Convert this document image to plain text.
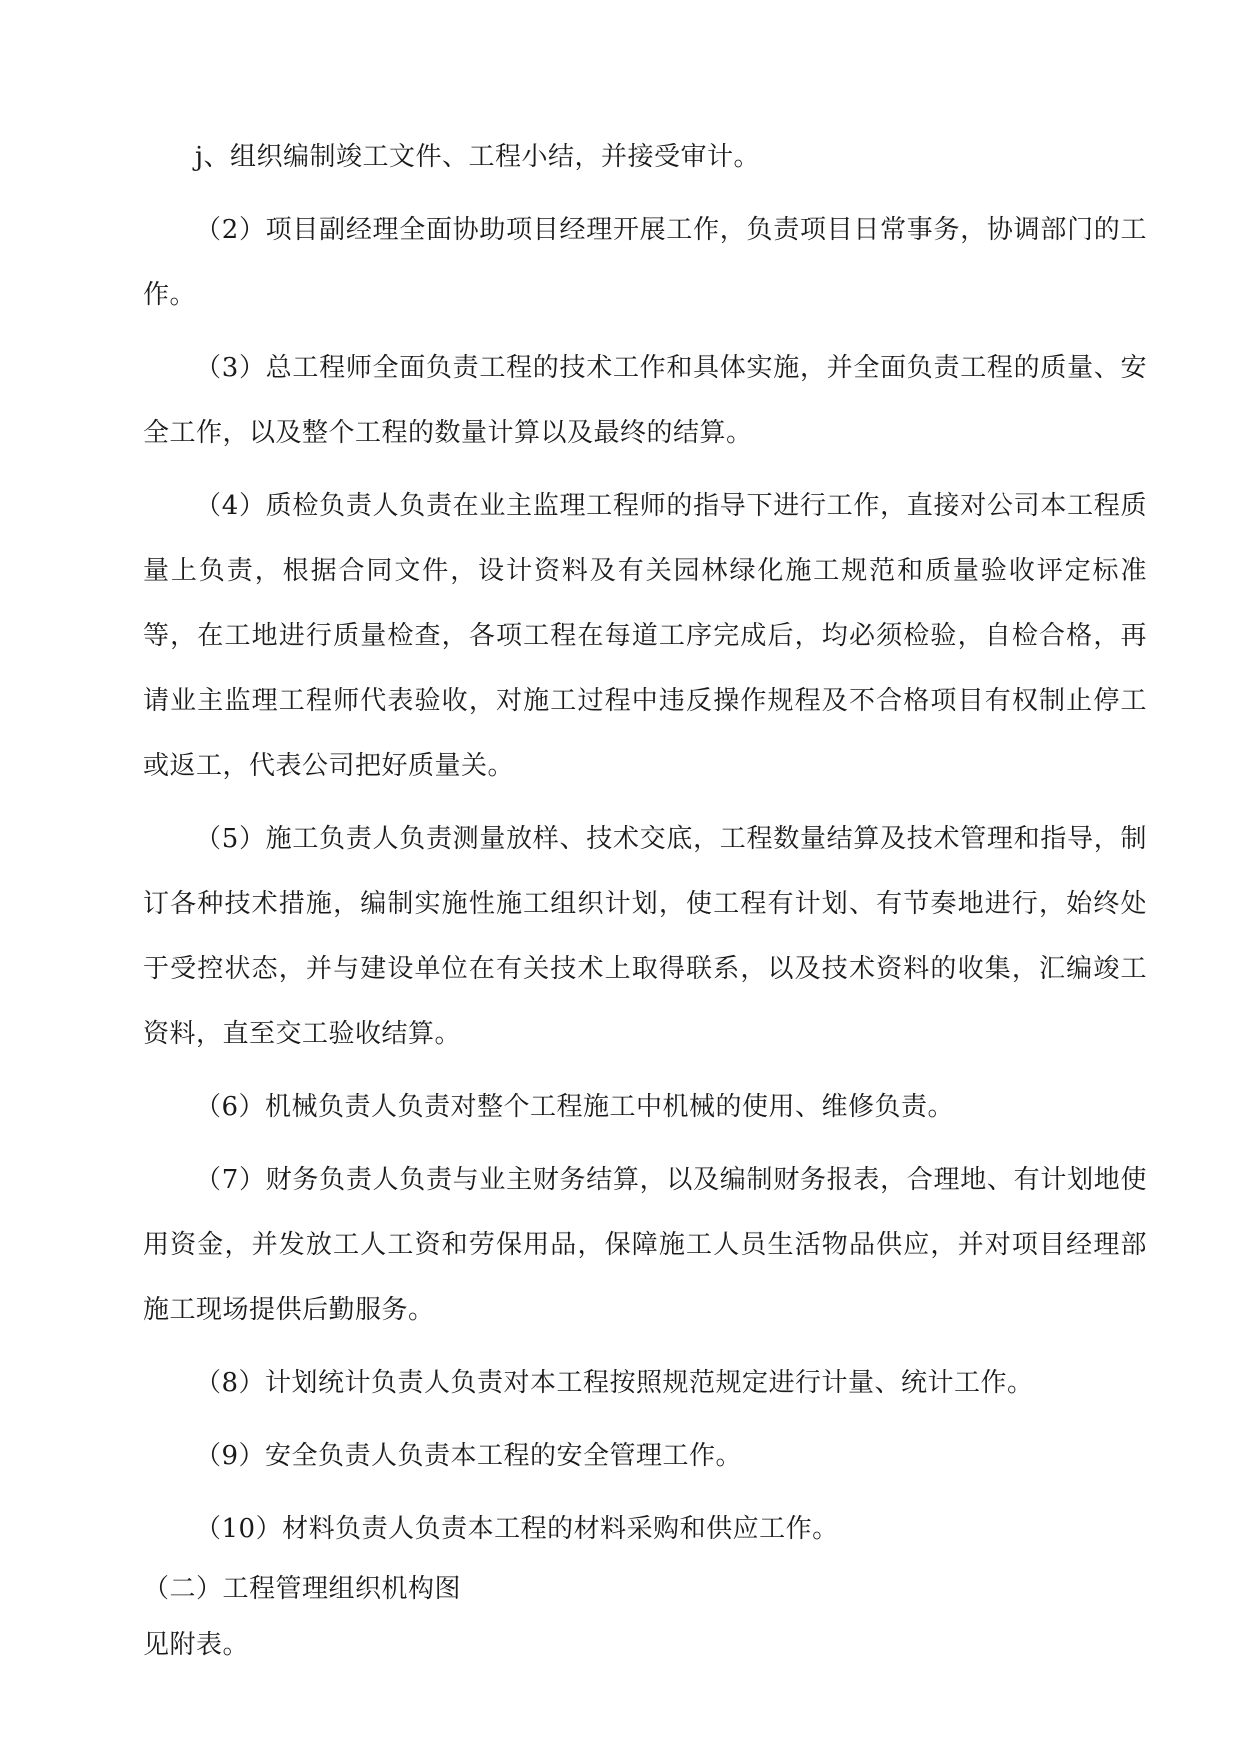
j、组织编制竣工文件、工程小结，并接受审计。

（2）项目副经理全面协助项目经理开展工作，负责项目日常事务，协调部门的工作。

（3）总工程师全面负责工程的技术工作和具体实施，并全面负责工程的质量、安全工作，以及整个工程的数量计算以及最终的结算。

（4）质检负责人负责在业主监理工程师的指导下进行工作，直接对公司本工程质量上负责，根据合同文件，设计资料及有关园林绿化施工规范和质量验收评定标准等，在工地进行质量检查，各项工程在每道工序完成后，均必须检验，自检合格，再请业主监理工程师代表验收，对施工过程中违反操作规程及不合格项目有权制止停工或返工，代表公司把好质量关。

（5）施工负责人负责测量放样、技术交底，工程数量结算及技术管理和指导，制订各种技术措施，编制实施性施工组织计划，使工程有计划、有节奏地进行，始终处于受控状态，并与建设单位在有关技术上取得联系，以及技术资料的收集，汇编竣工资料，直至交工验收结算。

（6）机械负责人负责对整个工程施工中机械的使用、维修负责。

（7）财务负责人负责与业主财务结算，以及编制财务报表，合理地、有计划地使用资金，并发放工人工资和劳保用品，保障施工人员生活物品供应，并对项目经理部施工现场提供后勤服务。

（8）计划统计负责人负责对本工程按照规范规定进行计量、统计工作。

（9）安全负责人负责本工程的安全管理工作。

（10）材料负责人负责本工程的材料采购和供应工作。

（二）工程管理组织机构图

见附表。
